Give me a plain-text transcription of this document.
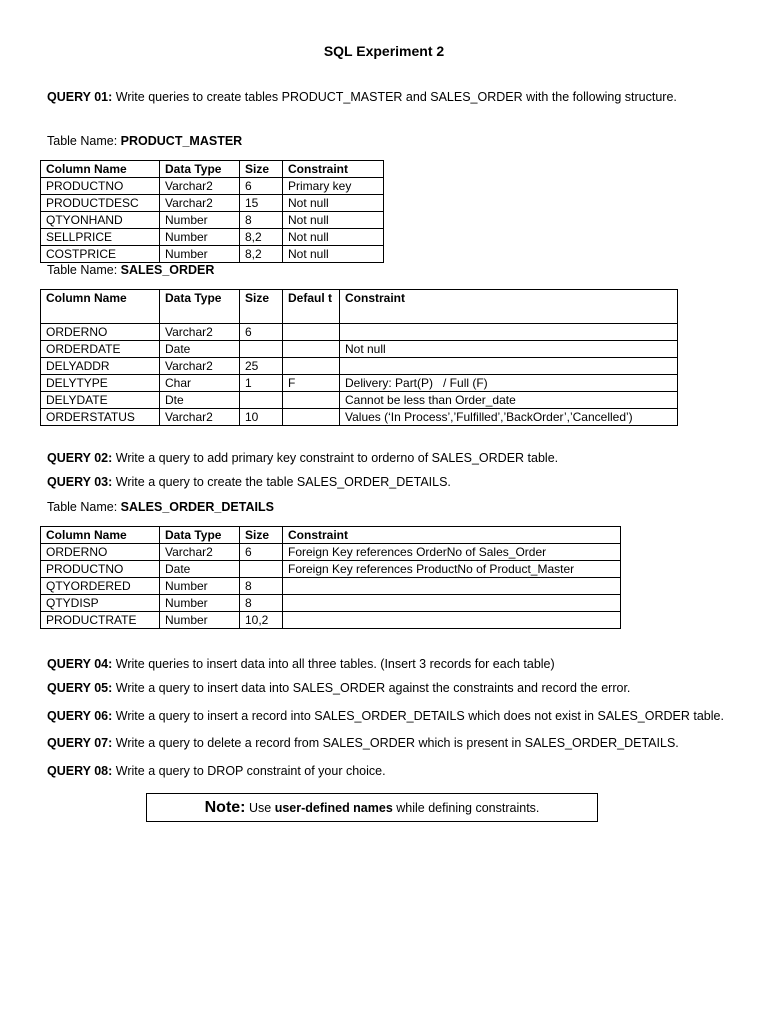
SQL Experiment 2
QUERY 01: Write queries to create tables PRODUCT_MASTER and SALES_ORDER with the following structure.
Table Name: PRODUCT_MASTER
Column Name	Data Type	Size	Constraint
PRODUCTNO	Varchar2	6	Primary key
PRODUCTDESC	Varchar2	15	Not null
QTYONHAND	Number	8	Not null
SELLPRICE	Number	8,2	Not null
COSTPRICE	Number	8,2	Not null
Table Name: SALES_ORDER
Column Name	Data Type	Size	Defaul t	Constraint
ORDERNO	Varchar2	6		
ORDERDATE	Date			Not null
DELYADDR	Varchar2	25		
DELYTYPE	Char	1	F	Delivery: Part(P)   / Full (F)
DELYDATE	Dte			Cannot be less than Order_date
ORDERSTATUS	Varchar2	10		Values (‘In Process’,’Fulfilled’,’BackOrder’,’Cancelled’)
QUERY 02: Write a query to add primary key constraint to orderno of SALES_ORDER table.
QUERY 03: Write a query to create the table SALES_ORDER_DETAILS.
Table Name: SALES_ORDER_DETAILS
Column Name	Data Type	Size	Constraint
ORDERNO	Varchar2	6	Foreign Key references OrderNo of Sales_Order
PRODUCTNO	Date		Foreign Key references ProductNo of Product_Master
QTYORDERED	Number	8	
QTYDISP	Number	8	
PRODUCTRATE	Number	10,2	
QUERY 04: Write queries to insert data into all three tables. (Insert 3 records for each table)
QUERY 05: Write a query to insert data into SALES_ORDER against the constraints and record the error.
QUERY 06: Write a query to insert a record into SALES_ORDER_DETAILS which does not exist in SALES_ORDER table.
QUERY 07: Write a query to delete a record from SALES_ORDER which is present in SALES_ORDER_DETAILS.
QUERY 08: Write a query to DROP constraint of your choice.
Note: Use user-defined names while defining constraints.
